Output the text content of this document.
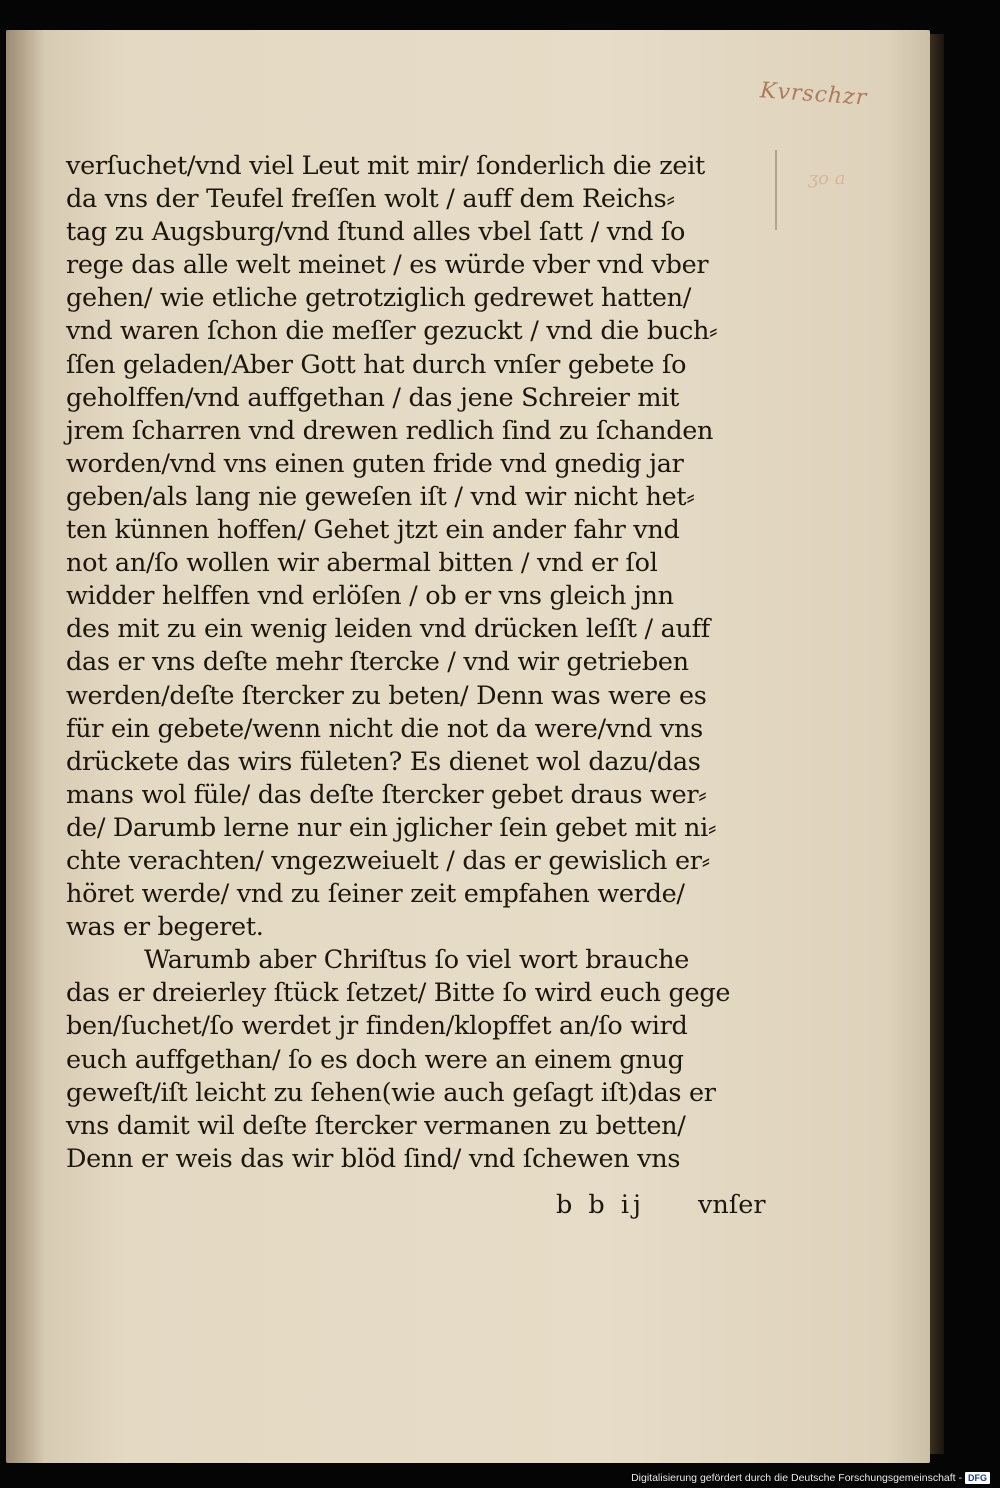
Kvrschzr
ʒo a
verſuchet/vnd viel Leut mit mir/ ſonderlich die zeit
da vns der Teufel freſſen wolt / auff dem Reichs⸗
tag zu Augsburg/vnd ſtund alles vbel ſatt / vnd ſo
rege das alle welt meinet / es würde vber vnd vber
gehen/ wie etliche getrotziglich gedrewet hatten/
vnd waren ſchon die meſſer gezuckt / vnd die buch⸗
ſſen geladen/Aber Gott hat durch vnſer gebete ſo
geholffen/vnd auffgethan / das jene Schreier mit
jrem ſcharren vnd drewen redlich ſind zu ſchanden
worden/vnd vns einen guten fride vnd gnedig jar
geben/als lang nie geweſen iſt / vnd wir nicht het⸗
ten künnen hoffen/ Gehet jtzt ein ander fahr vnd
not an/ſo wollen wir abermal bitten / vnd er ſol
widder helffen vnd erlöſen / ob er vns gleich jnn
des mit zu ein wenig leiden vnd drücken leſſt / auff
das er vns deſte mehr ſtercke / vnd wir getrieben
werden/deſte ſtercker zu beten/ Denn was were es
für ein gebete/wenn nicht die not da were/vnd vns
drückete das wirs fületen? Es dienet wol dazu/das
mans wol füle/ das deſte ſtercker gebet draus wer⸗
de/ Darumb lerne nur ein jglicher ſein gebet mit ni⸗
chte verachten/ vngezweiuelt / das er gewislich er⸗
höret werde/ vnd zu ſeiner zeit empfahen werde/
was er begeret.
Warumb aber Chriſtus ſo viel wort brauche
das er dreierley ſtück ſetzet/ Bitte ſo wird euch gege
ben/ſuchet/ſo werdet jr finden/klopffet an/ſo wird
euch auffgethan/ ſo es doch were an einem gnug
geweſt/iſt leicht zu ſehen(wie auch geſagt iſt)das er
vns damit wil deſte ſtercker vermanen zu betten/
Denn er weis das wir blöd ſind/ vnd ſchewen vns
b b ij vnſer
Digitalisierung gefördert durch die Deutsche Forschungsgemeinschaft - DFG
